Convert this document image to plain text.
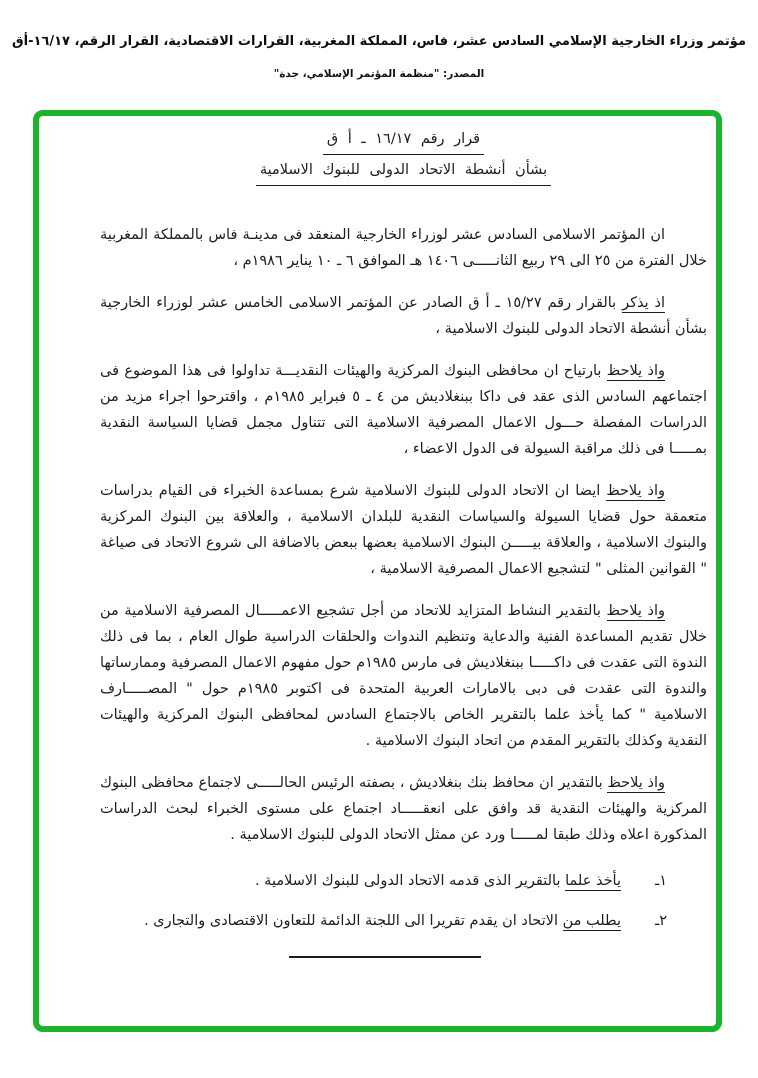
مؤتمر وزراء الخارجية الإسلامي السادس عشر، فاس، المملكة المغربية، القرارات الاقتصادية، القرار الرقم، ١٦/١٧-أق
المصدر: "منظمة المؤتمر الإسلامي، جدة"
قرار رقم ١٦/١٧ ـ أ ق
بشأن أنشطة الاتحاد الدولى للبنوك الاسلامية

ان المؤتمر الاسلامى السادس عشر لوزراء الخارجية المنعقد فى مدينـة فاس بالمملكة المغربية خلال الفترة من ٢٥ الى ٢٩ ربيع الثانـــــى ١٤٠٦ هـ الموافق ٦ ـ ١٠ يناير ١٩٨٦م ،

اذ يذكر بالقرار رقم ١٥/٢٧ ـ أ ق الصادر عن المؤتمر الاسلامى الخامس عشر لوزراء الخارجية بشأن أنشطة الاتحاد الدولى للبنوك الاسلامية ،

واذ يلاحظ بارتياح ان محافظى البنوك المركزية والهيئات النقديـــة تداولوا فى هذا الموضوع فى اجتماعهم السادس الذى عقد فى داكا ببنغلاديش من ٤ ـ ٥ فبراير ١٩٨٥م ، واقترحوا اجراء مزيد من الدراسات المفصلة حـــول الاعمال المصرفية الاسلامية التى تتناول مجمل قضايا السياسة النقدية بمـــــا فى ذلك مراقبة السيولة فى الدول الاعضاء ،

واذ يلاحظ ايضا ان الاتحاد الدولى للبنوك الاسلامية شرع بمساعدة الخبراء فى القيام بدراسات متعمقة حول قضايا السيولة والسياسات النقدية للبلدان الاسلامية ، والعلاقة بين البنوك المركزية والبنوك الاسلامية ، والعلاقة بيـــــن البنوك الاسلامية بعضها ببعض بالاضافة الى شروع الاتحاد فى صياغة " القوانين المثلى " لتشجيع الاعمال المصرفية الاسلامية ،

واذ يلاحظ بالتقدير النشاط المتزايد للاتحاد من أجل تشجيع الاعمـــــال المصرفية الاسلامية من خلال تقديم المساعدة الفنية والدعاية وتنظيم الندوات والحلقات الدراسية طوال العام ، بما فى ذلك الندوة التى عقدت فى داكـــــا ببنغلاديش فى مارس ١٩٨٥م حول مفهوم الاعمال المصرفية وممارساتها والندوة التى عقدت فى دبى بالامارات العربية المتحدة فى اكتوبر ١٩٨٥م حول " المصـــــارف الاسلامية " كما يأخذ علما بالتقرير الخاص بالاجتماع السادس لمحافظى البنوك المركزية والهيئات النقدية وكذلك بالتقرير المقدم من اتحاد البنوك الاسلامية .

واذ يلاحظ بالتقدير ان محافظ بنك بنغلاديش ، بصفته الرئيس الحالـــــى لاجتماع محافظى البنوك المركزية والهيئات النقدية قد وافق على انعقـــــاد اجتماع على مستوى الخبراء لبحث الدراسات المذكورة اعلاه وذلك طبقا لمـــــا ورد عن ممثل الاتحاد الدولى للبنوك الاسلامية .

١ـ
يأخذ علما بالتقرير الذى قدمه الاتحاد الدولى للبنوك الاسلامية .
٢ـ
يطلب من الاتحاد ان يقدم تقريرا الى اللجنة الدائمة للتعاون الاقتصادى والتجارى .
